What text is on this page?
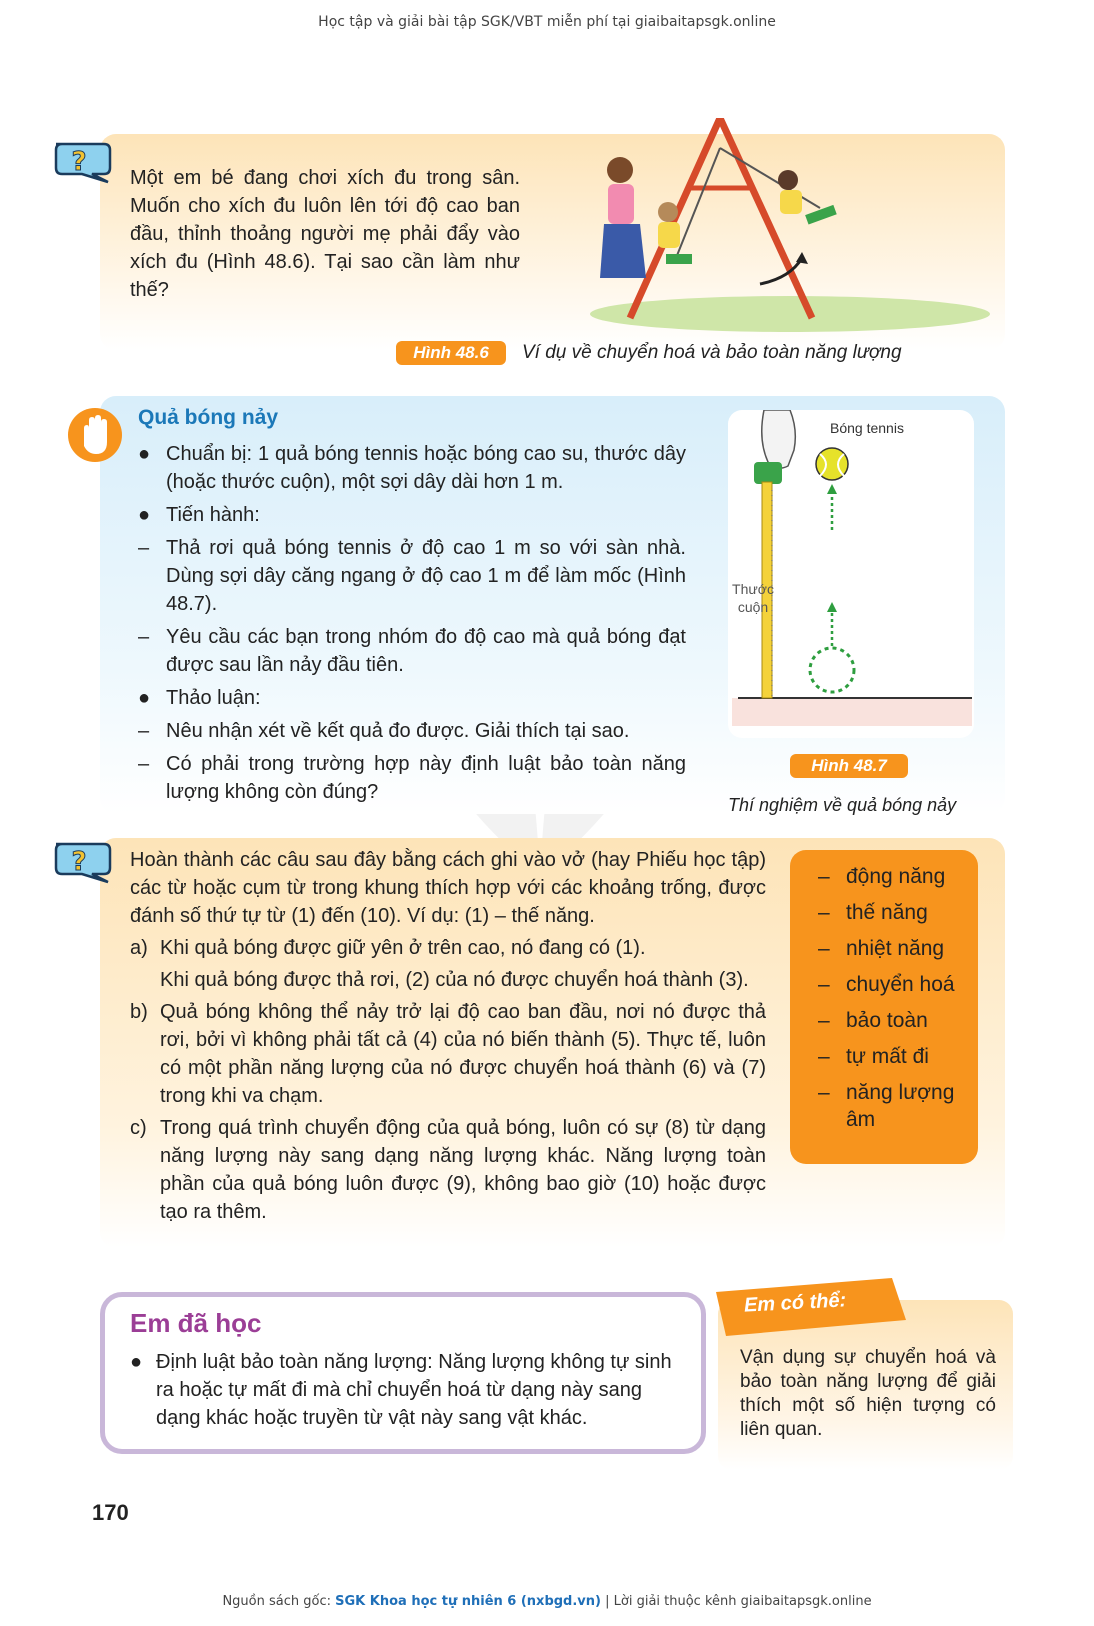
Học tập và giải bài tập SGK/VBT miễn phí tại giaibaitapsgk.online
?
Một em bé đang chơi xích đu trong sân. Muốn cho xích đu luôn lên tới độ cao ban đầu, thỉnh thoảng người mẹ phải đẩy vào xích đu (Hình 48.6). Tại sao cần làm như thế?
Hình 48.6	Ví dụ về chuyển hoá và bảo toàn năng lượng
Quả bóng nảy
● Chuẩn bị: 1 quả bóng tennis hoặc bóng cao su, thước dây (hoặc thước cuộn), một sợi dây dài hơn 1 m.
● Tiến hành:
– Thả rơi quả bóng tennis ở độ cao 1 m so với sàn nhà. Dùng sợi dây căng ngang ở độ cao 1 m để làm mốc (Hình 48.7).
– Yêu cầu các bạn trong nhóm đo độ cao mà quả bóng đạt được sau lần nảy đầu tiên.
● Thảo luận:
– Nêu nhận xét về kết quả đo được. Giải thích tại sao.
– Có phải trong trường hợp này định luật bảo toàn năng lượng không còn đúng?
Bóng tennis
Thước
cuộn
Hình 48.7
Thí nghiệm về quả bóng nảy
? Hoàn thành các câu sau đây bằng cách ghi vào vở (hay Phiếu học tập) các từ hoặc cụm từ trong khung thích hợp với các khoảng trống, được đánh số thứ tự từ (1) đến (10). Ví dụ: (1) – thế năng.
a) Khi quả bóng được giữ yên ở trên cao, nó đang có (1).
Khi quả bóng được thả rơi, (2) của nó được chuyển hoá thành (3).
b) Quả bóng không thể nảy trở lại độ cao ban đầu, nơi nó được thả rơi, bởi vì không phải tất cả (4) của nó biến thành (5). Thực tế, luôn có một phần năng lượng của nó được chuyển hoá thành (6) và (7) trong khi va chạm.
c) Trong quá trình chuyển động của quả bóng, luôn có sự (8) từ dạng năng lượng này sang dạng năng lượng khác. Năng lượng toàn phần của quả bóng luôn được (9), không bao giờ (10) hoặc được tạo ra thêm.
– động năng
– thế năng
– nhiệt năng
– chuyển hoá
– bảo toàn
– tự mất đi
– năng lượng âm
Em đã học
● Định luật bảo toàn năng lượng: Năng lượng không tự sinh ra hoặc tự mất đi mà chỉ chuyển hoá từ dạng này sang dạng khác hoặc truyền từ vật này sang vật khác.
Em có thể:
Vận dụng sự chuyển hoá và bảo toàn năng lượng để giải thích một số hiện tượng có liên quan.
170
Nguồn sách gốc: SGK Khoa học tự nhiên 6 (nxbgd.vn) | Lời giải thuộc kênh giaibaitapsgk.online
